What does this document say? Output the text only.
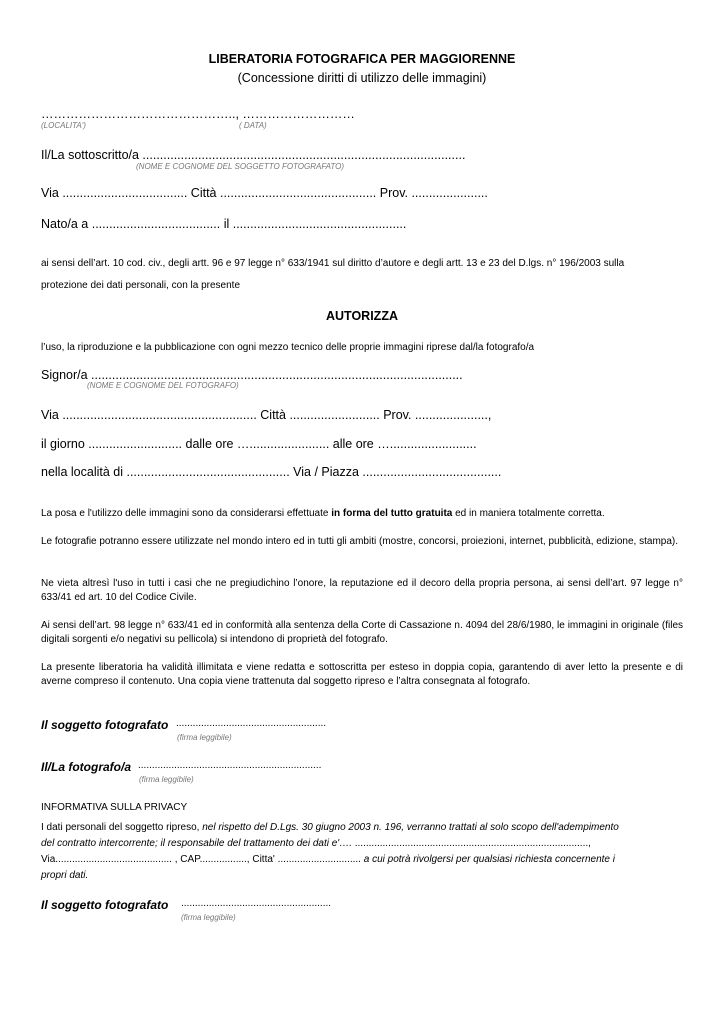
LIBERATORIA FOTOGRAFICA PER MAGGIORENNE
(Concessione diritti di utilizzo delle immagini)
……………………………………….., ………………………
(LOCALITA')	( DATA)
Il/La sottoscritto/a .............................................................................................
(NOME E COGNOME DEL SOGGETTO FOTOGRAFATO)
Via .................................... Città ............................................. Prov. ......................
Nato/a a ..................................... il ..................................................
ai sensi dell’art. 10 cod. civ., degli artt. 96 e 97 legge n° 633/1941 sul diritto d’autore e degli artt. 13 e 23 del D.lgs. n° 196/2003 sulla
protezione dei dati personali, con la presente
AUTORIZZA
l’uso, la riproduzione e la pubblicazione con ogni mezzo tecnico delle proprie immagini riprese dal/la fotografo/a
Signor/a ...........................................................................................................
(NOME E COGNOME DEL FOTOGRAFO)
Via ........................................................ Città .......................... Prov. .....................,
il giorno ........................... dalle ore …....................... alle ore ….........................
nella località di ............................................... Via / Piazza ........................................
La posa e l'utilizzo delle immagini sono da considerarsi effettuate in forma del tutto gratuita ed in maniera totalmente corretta.
Le fotografie potranno essere utilizzate nel mondo intero ed in tutti gli ambiti (mostre, concorsi, proiezioni, internet, pubblicità, edizione, stampa).
Ne vieta altresì l'uso in tutti i casi che ne pregiudichino l’onore, la reputazione ed il decoro della propria persona, ai sensi dell’art. 97 legge n° 633/41 ed art. 10 del Codice Civile.
Ai sensi dell’art. 98 legge n° 633/41 ed in conformità alla sentenza della Corte di Cassazione n. 4094 del 28/6/1980, le immagini in originale (files digitali sorgenti e/o negativi su pellicola) si intendono di proprietà del fotografo.
La presente liberatoria ha validità illimitata e viene redatta e sottoscritta per esteso in doppia copia, garantendo di aver letto la presente e di averne compreso il contenuto. Una copia viene trattenuta dal soggetto ripreso e l’altra consegnata al fotografo.
Il soggetto fotografato ......................................................
(firma leggibile)
Il/La fotografo/a ..................................................................
(firma leggibile)
INFORMATIVA SULLA PRIVACY
I dati personali del soggetto ripreso, nel rispetto del D.Lgs. 30 giugno 2003 n. 196, verranno trattati al solo scopo dell'adempimento
del contratto intercorrente; il responsabile del trattamento dei dati e'…. ....................................................................................,
Via.......................................... , CAP................., Citta' .............................. a cui potrà rivolgersi per qualsiasi richiesta concernente i
propri dati.
Il soggetto fotografato ......................................................
(firma leggibile)
